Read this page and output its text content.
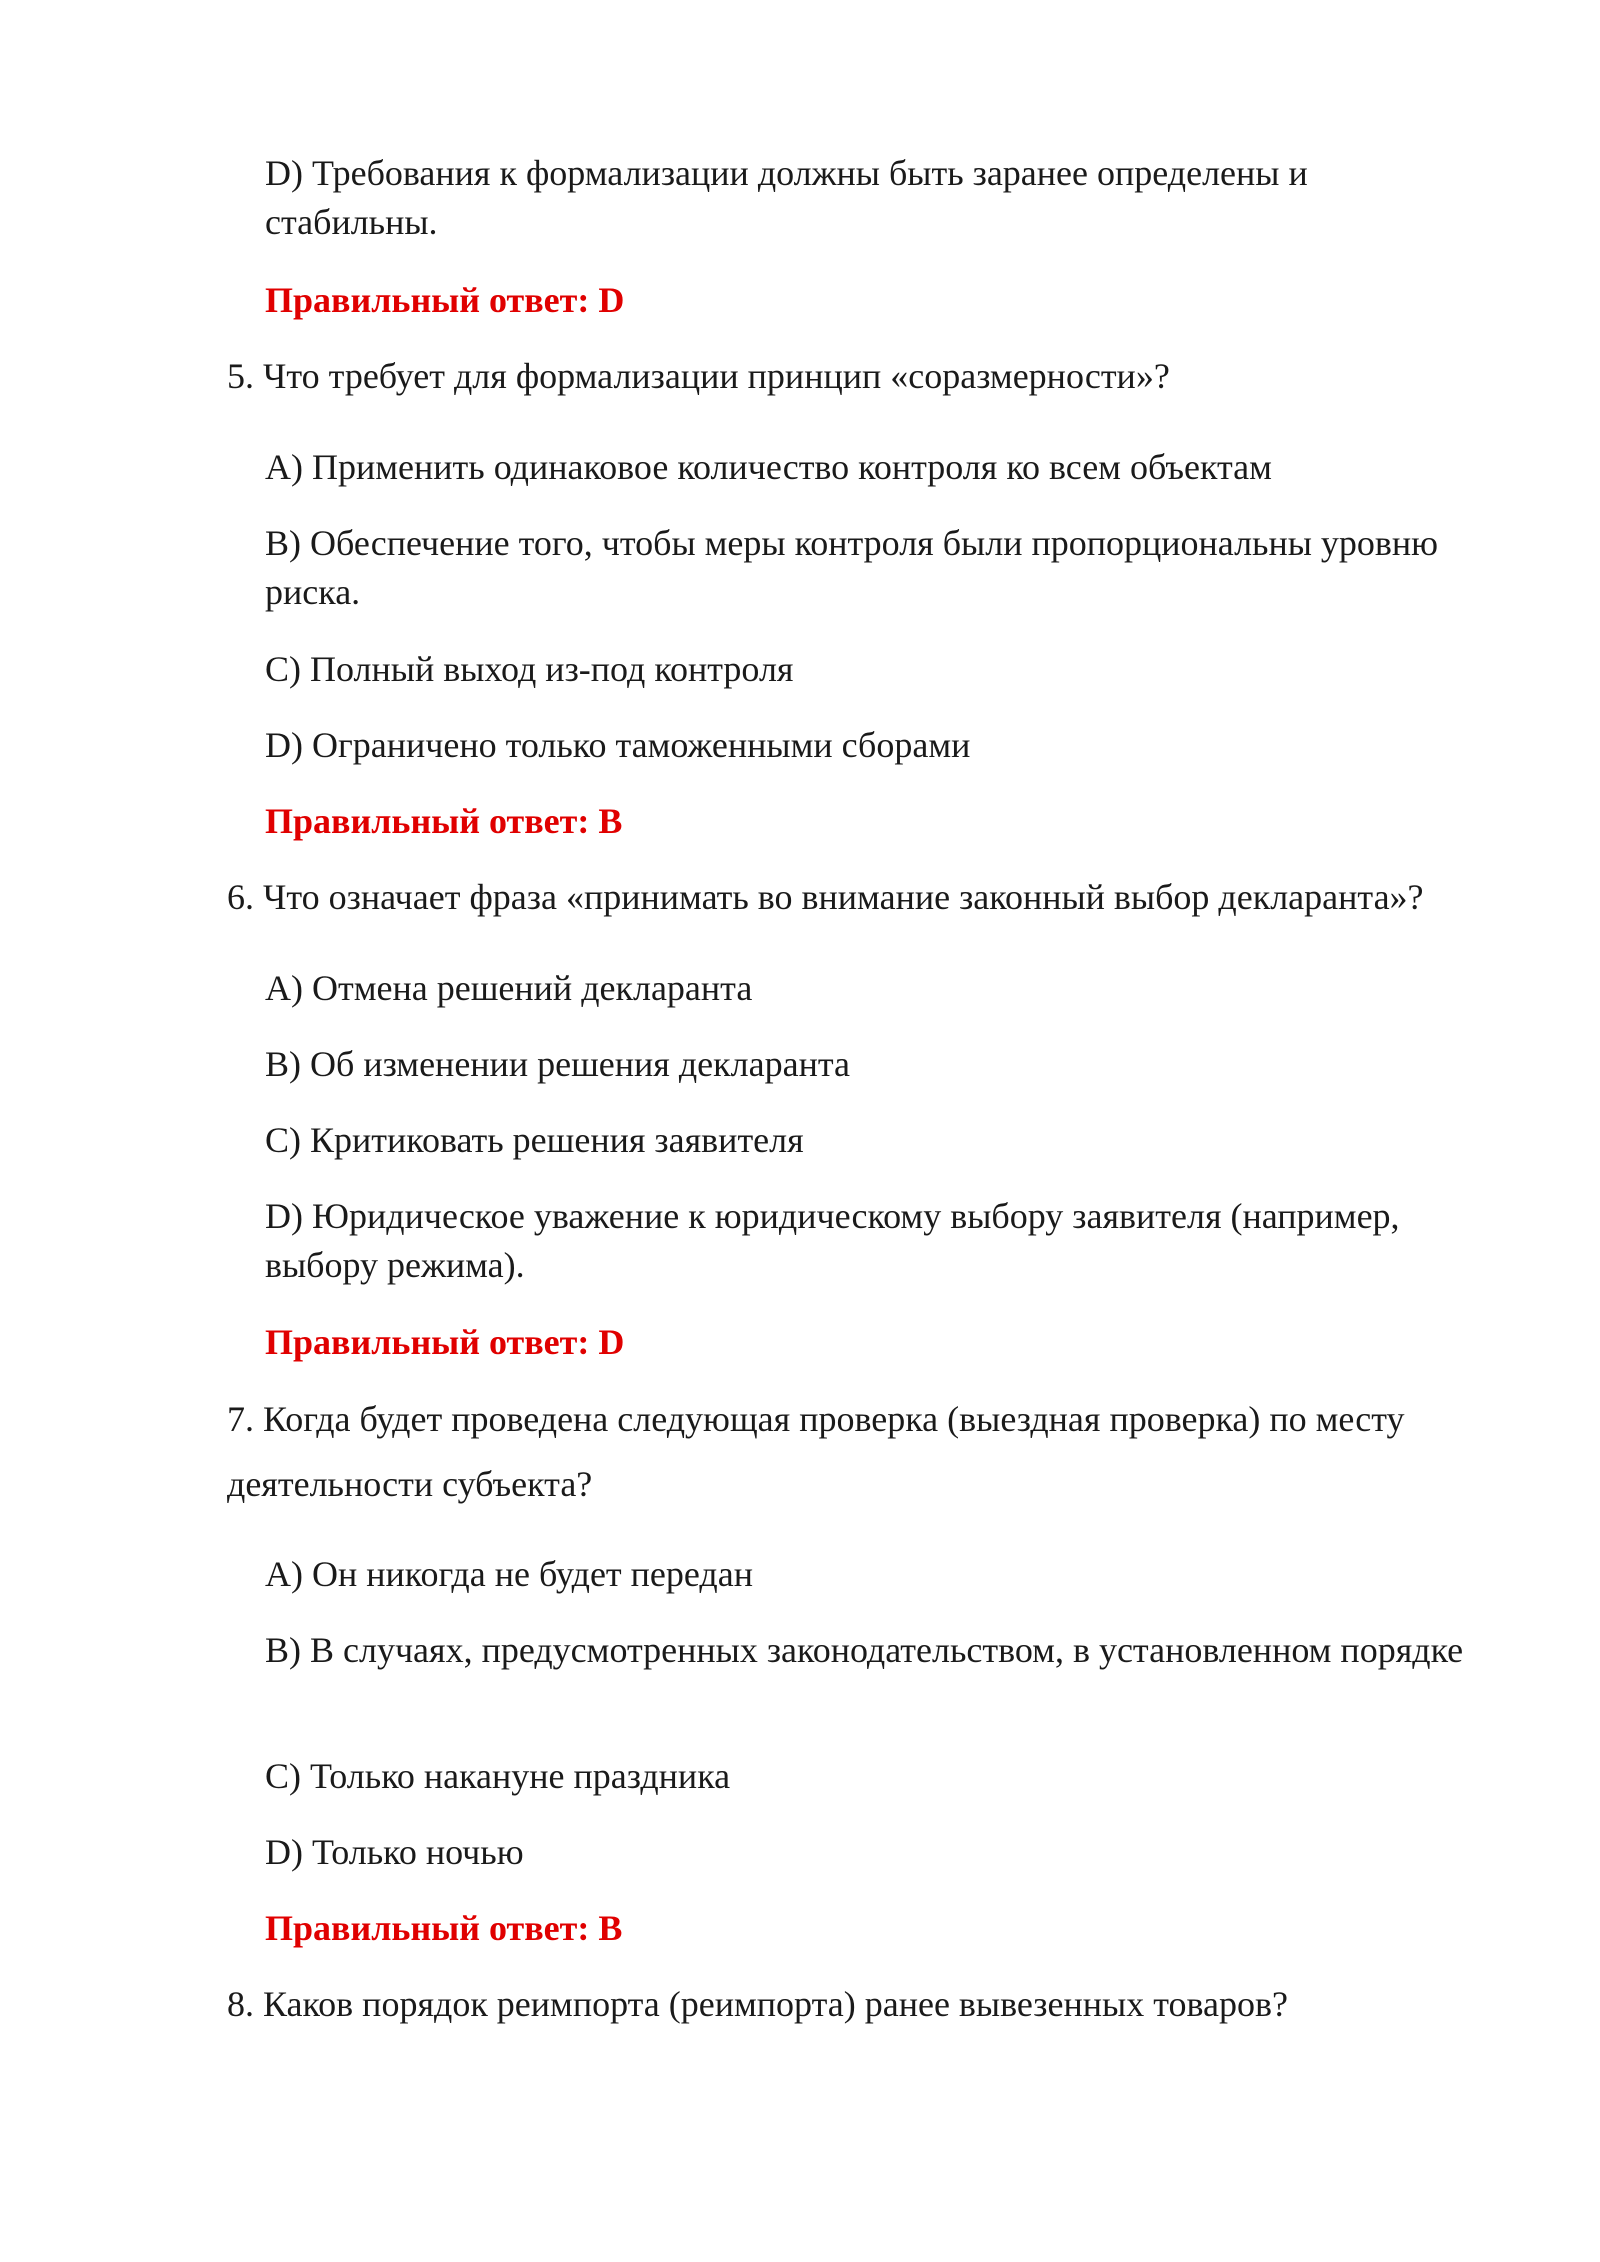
D) Требования к формализации должны быть заранее определены и стабильны.

Правильный ответ: D

5. Что требует для формализации принцип «соразмерности»?

A) Применить одинаковое количество контроля ко всем объектам

B) Обеспечение того, чтобы меры контроля были пропорциональны уровню риска.

C) Полный выход из-под контроля

D) Ограничено только таможенными сборами

Правильный ответ: B

6. Что означает фраза «принимать во внимание законный выбор декларанта»?

A) Отмена решений декларанта

B) Об изменении решения декларанта

C) Критиковать решения заявителя

D) Юридическое уважение к юридическому выбору заявителя (например, выбору режима).

Правильный ответ: D

7. Когда будет проведена следующая проверка (выездная проверка) по месту деятельности субъекта?

A) Он никогда не будет передан

B) В случаях, предусмотренных законодательством, в установленном порядке

C) Только накануне праздника

D) Только ночью

Правильный ответ: B

8. Каков порядок реимпорта (реимпорта) ранее вывезенных товаров?
